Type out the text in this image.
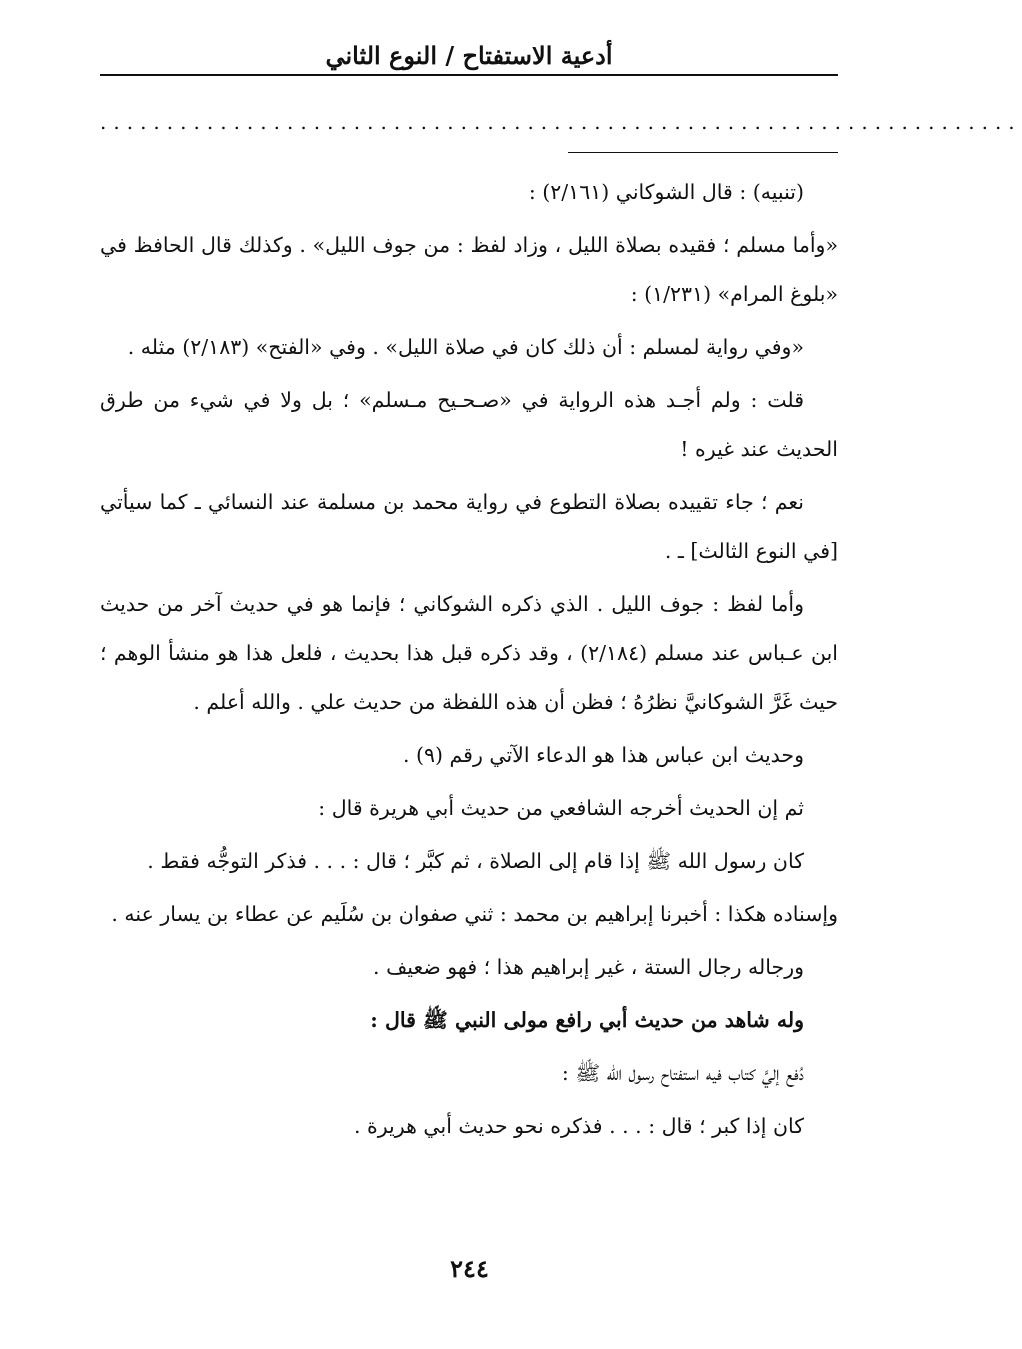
أدعية الاستفتاح / النوع الثاني
.....................................................................

(تنبيه) : قال الشوكاني (٢/١٦١) :

«وأما مسلم ؛ فقيده بصلاة الليل ، وزاد لفظ : من جوف الليل» . وكذلك قال الحافظ في «بلوغ المرام» (١/٢٣١) :

«وفي رواية لمسلم : أن ذلك كان في صلاة الليل» . وفي «الفتح» (٢/١٨٣) مثله .

قلت : ولم أجـد هذه الرواية في «صـحـيح مـسلم» ؛ بل ولا في شيء من طرق الحديث عند غيره !

نعم ؛ جاء تقييده بصلاة التطوع في رواية محمد بن مسلمة عند النسائي ـ كما سيأتي [في النوع الثالث] ـ .

وأما لفظ : جوف الليل . الذي ذكره الشوكاني ؛ فإنما هو في حديث آخر من حديث ابن عـباس عند مسلم (٢/١٨٤) ، وقد ذكره قبل هذا بحديث ، فلعل هذا هو منشأ الوهم ؛ حيث غَرَّ الشوكانيَّ نظرُهُ ؛ فظن أن هذه اللفظة من حديث علي . والله أعلم .

وحديث ابن عباس هذا هو الدعاء الآتي رقم (٩) .

ثم إن الحديث أخرجه الشافعي من حديث أبي هريرة قال :

كان رسول الله ﷺ إذا قام إلى الصلاة ، ثم كبَّر ؛ قال : . . . فذكر التوجُّه فقط .

وإسناده هكذا : أخبرنا إبراهيم بن محمد : ثني صفوان بن سُلَيم عن عطاء بن يسار عنه .

ورجاله رجال الستة ، غير إبراهيم هذا ؛ فهو ضعيف .

وله شاهد من حديث أبي رافع مولى النبي ﷺ قال :

دُفع إليَّ كتاب فيه استفتاح رسول الله ﷺ :

كان إذا كبر ؛ قال : . . . فذكره نحو حديث أبي هريرة .

٢٤٤
